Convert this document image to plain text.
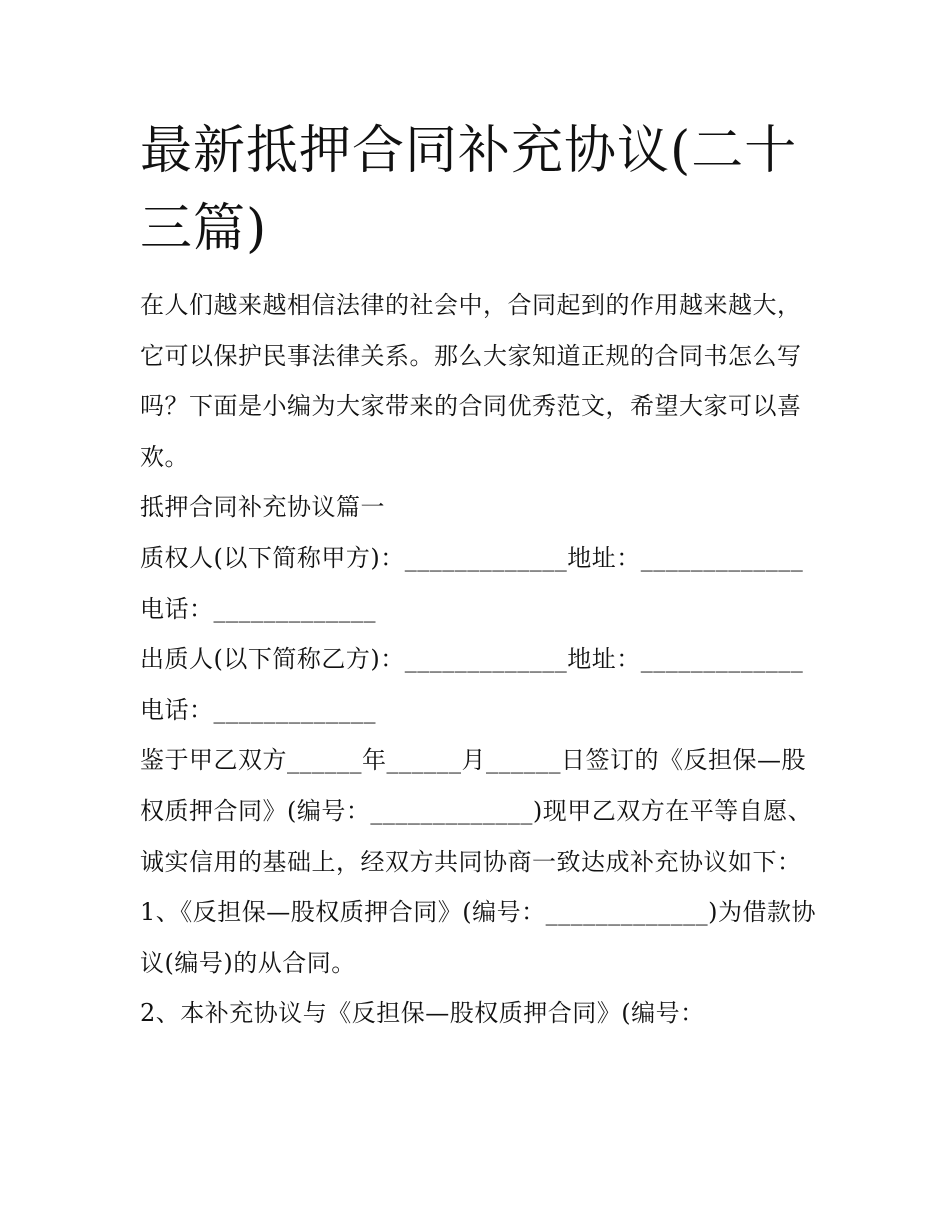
最新抵押合同补充协议(二十三篇)

在人们越来越相信法律的社会中，合同起到的作用越来越大，它可以保护民事法律关系。那么大家知道正规的合同书怎么写吗？下面是小编为大家带来的合同优秀范文，希望大家可以喜欢。

抵押合同补充协议篇一

质权人(以下简称甲方)：_____________地址：_____________

电话：_____________

出质人(以下简称乙方)：_____________地址：_____________

电话：_____________

鉴于甲乙双方______年______月______日签订的《反担保—股权质押合同》(编号：_____________)现甲乙双方在平等自愿、诚实信用的基础上，经双方共同协商一致达成补充协议如下：

1、《反担保—股权质押合同》(编号：_____________)为借款协议(编号)的从合同。

2、本补充协议与《反担保—股权质押合同》(编号：
